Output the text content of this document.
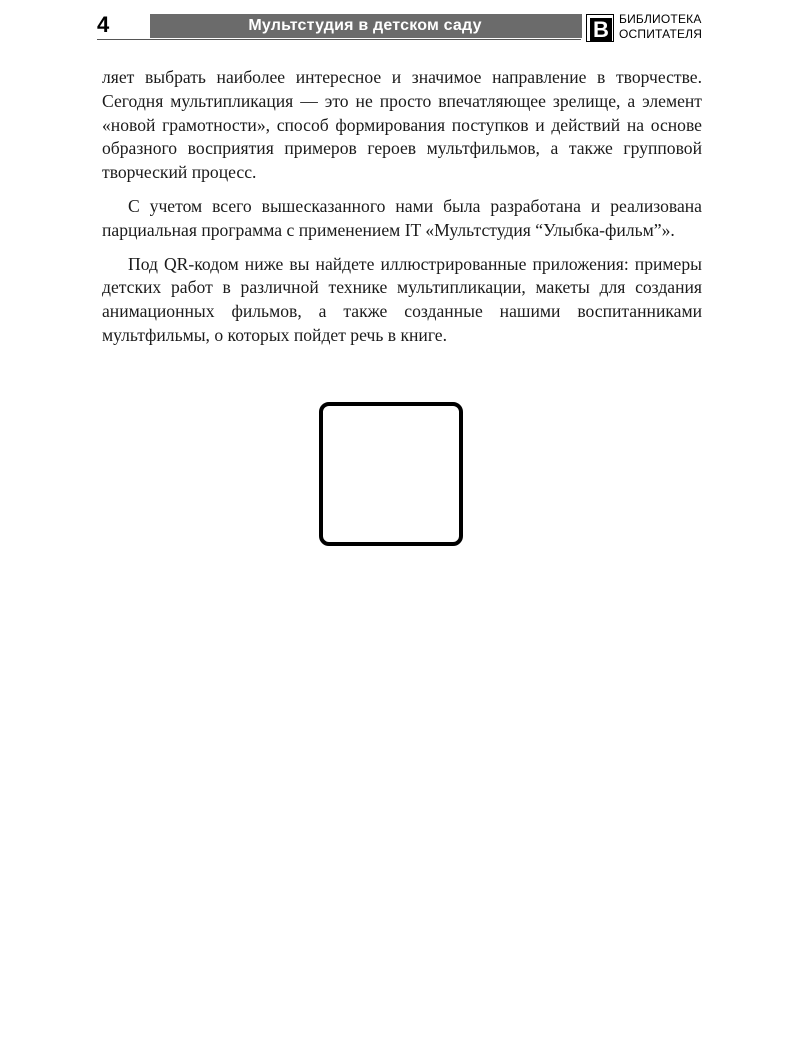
4	Мультстудия в детском саду	В БИБЛИОТЕКА
ОСПИТАТЕЛЯ

ляет выбрать наиболее интересное и значимое направление в творчестве. Сегодня мультипликация — это не просто впечатляющее зрелище, а элемент «новой грамотности», способ формирования поступков и действий на основе образного восприятия примеров героев мультфильмов, а также групповой творческий процесс.

С учетом всего вышесказанного нами была разработана и реализована парциальная программа с применением IT «Мультстудия “Улыбка-фильм”».

Под QR-кодом ниже вы найдете иллюстрированные приложения: примеры детских работ в различной технике мультипликации, макеты для создания анимационных фильмов, а также созданные нашими воспитанниками мультфильмы, о которых пойдет речь в книге.
